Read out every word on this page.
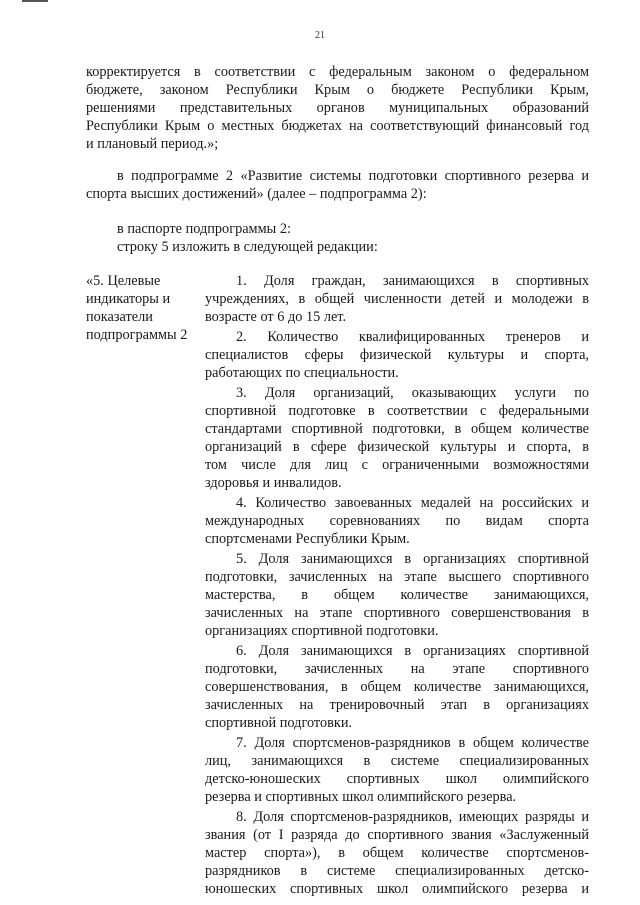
21

корректируется в соответствии с федеральным законом о федеральном

бюджете, законом Республики Крым о бюджете Республики Крым,

решениями представительных органов муниципальных образований

Республики Крым о местных бюджетах на соответствующий финансовый год

и плановый период.»;

в подпрограмме 2 «Развитие системы подготовки спортивного резерва и

спорта высших достижений» (далее – подпрограмма 2):

в паспорте подпрограммы 2:

строку 5 изложить в следующей редакции:

«5. Целевые
индикаторы и
показатели
подпрограммы 2
1. Доля граждан, занимающихся в спортивных
учреждениях, в общей численности детей и молодежи в
возрасте от 6 до 15 лет.
2. Количество квалифицированных тренеров и
специалистов сферы физической культуры и спорта,
работающих по специальности.
3. Доля организаций, оказывающих услуги по
спортивной подготовке в соответствии с федеральными
стандартами спортивной подготовки, в общем количестве
организаций в сфере физической культуры и спорта, в
том числе для лиц с ограниченными возможностями
здоровья и инвалидов.
4. Количество завоеванных медалей на российских и
международных соревнованиях по видам спорта
спортсменами Республики Крым.
5. Доля занимающихся в организациях спортивной
подготовки, зачисленных на этапе высшего спортивного
мастерства, в общем количестве занимающихся,
зачисленных на этапе спортивного совершенствования в
организациях спортивной подготовки.
6. Доля занимающихся в организациях спортивной
подготовки, зачисленных на этапе спортивного
совершенствования, в общем количестве занимающихся,
зачисленных на тренировочный этап в организациях
спортивной подготовки.
7. Доля спортсменов-разрядников в общем количестве
лиц, занимающихся в системе специализированных
детско-юношеских спортивных школ олимпийского
резерва и спортивных школ олимпийского резерва.
8. Доля спортсменов-разрядников, имеющих разряды и
звания (от I разряда до спортивного звания «Заслуженный
мастер спорта»), в общем количестве спортсменов-
разрядников в системе специализированных детско-
юношеских спортивных школ олимпийского резерва и
